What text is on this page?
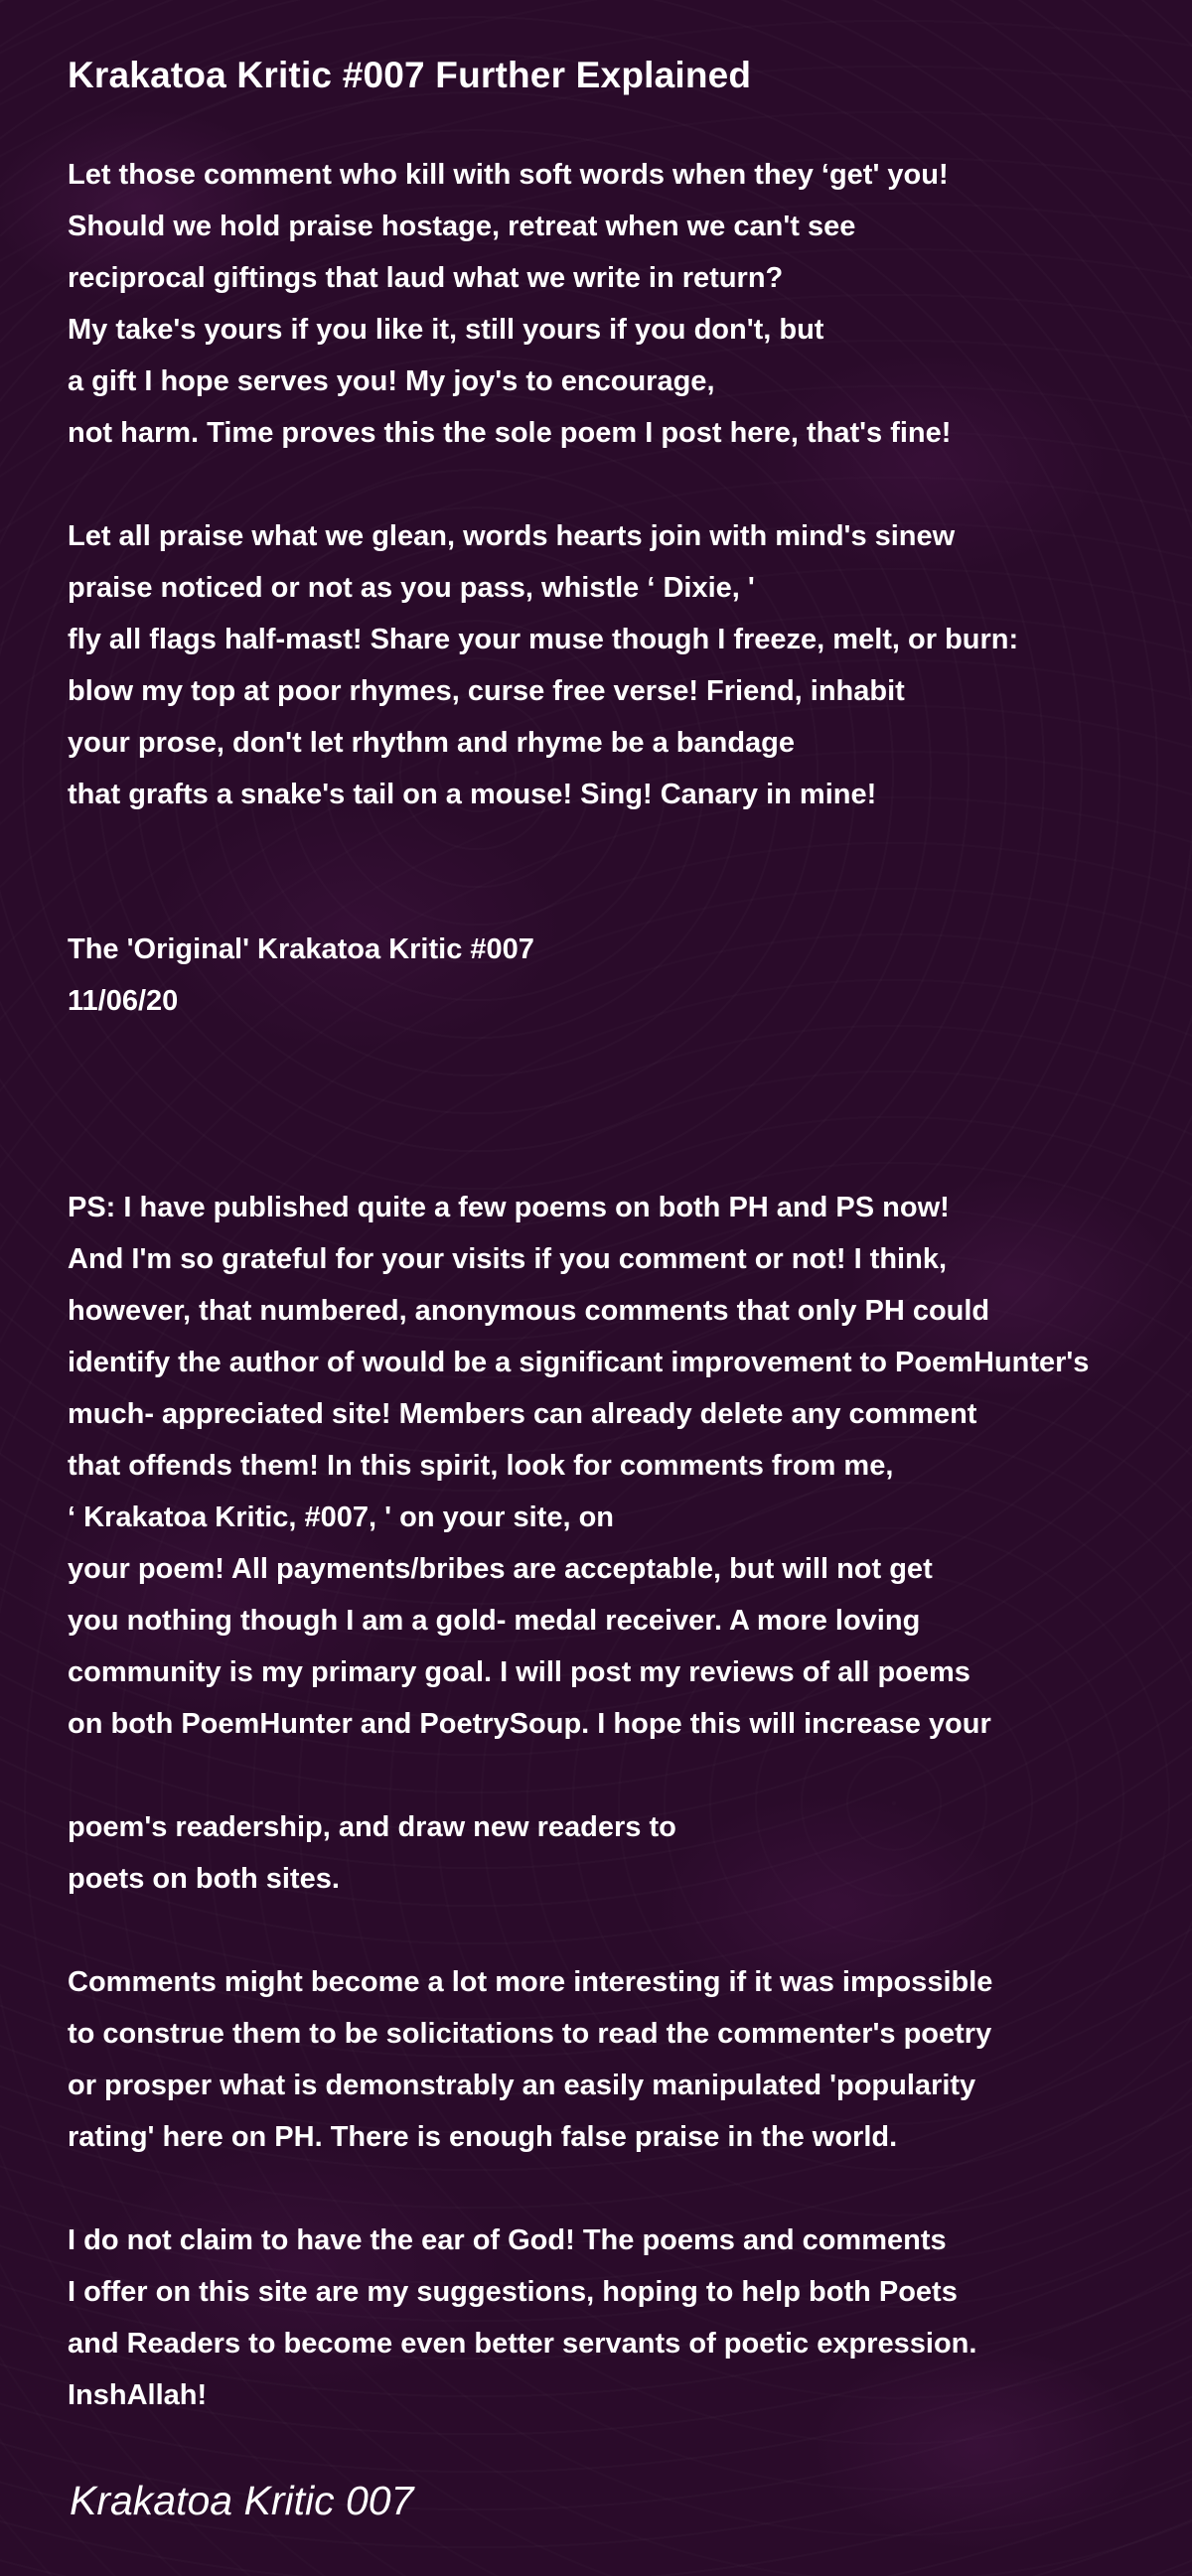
Krakatoa Kritic #007 Further Explained
Let those comment who kill with soft words when they ‘get' you!
Should we hold praise hostage, retreat when we can't see
reciprocal giftings that laud what we write in return?
My take's yours if you like it, still yours if you don't, but
a gift I hope serves you! My joy's to encourage,
not harm. Time proves this the sole poem I post here, that's fine!
Let all praise what we glean, words hearts join with mind's sinew
praise noticed or not as you pass, whistle ‘ Dixie, '
fly all flags half-mast! Share your muse though I freeze, melt, or burn:
blow my top at poor rhymes, curse free verse! Friend, inhabit
your prose, don't let rhythm and rhyme be a bandage
that grafts a snake's tail on a mouse! Sing! Canary in mine!
The 'Original' Krakatoa Kritic #007
11/06/20
PS: I have published quite a few poems on both PH and PS now!
And I'm so grateful for your visits if you comment or not! I think,
however, that numbered, anonymous comments that only PH could
identify the author of would be a significant improvement to PoemHunter's
much- appreciated site! Members can already delete any comment
that offends them! In this spirit, look for comments from me,
‘ Krakatoa Kritic, #007, ' on your site, on
your poem! All payments/bribes are acceptable, but will not get
you nothing though I am a gold- medal receiver. A more loving
community is my primary goal. I will post my reviews of all poems
on both PoemHunter and PoetrySoup. I hope this will increase your
poem's readership, and draw new readers to
poets on both sites.
Comments might become a lot more interesting if it was impossible
to construe them to be solicitations to read the commenter's poetry
or prosper what is demonstrably an easily manipulated 'popularity
rating' here on PH. There is enough false praise in the world.
I do not claim to have the ear of God! The poems and comments
I offer on this site are my suggestions, hoping to help both Poets
and Readers to become even better servants of poetic expression.
InshAllah!
Krakatoa Kritic 007
